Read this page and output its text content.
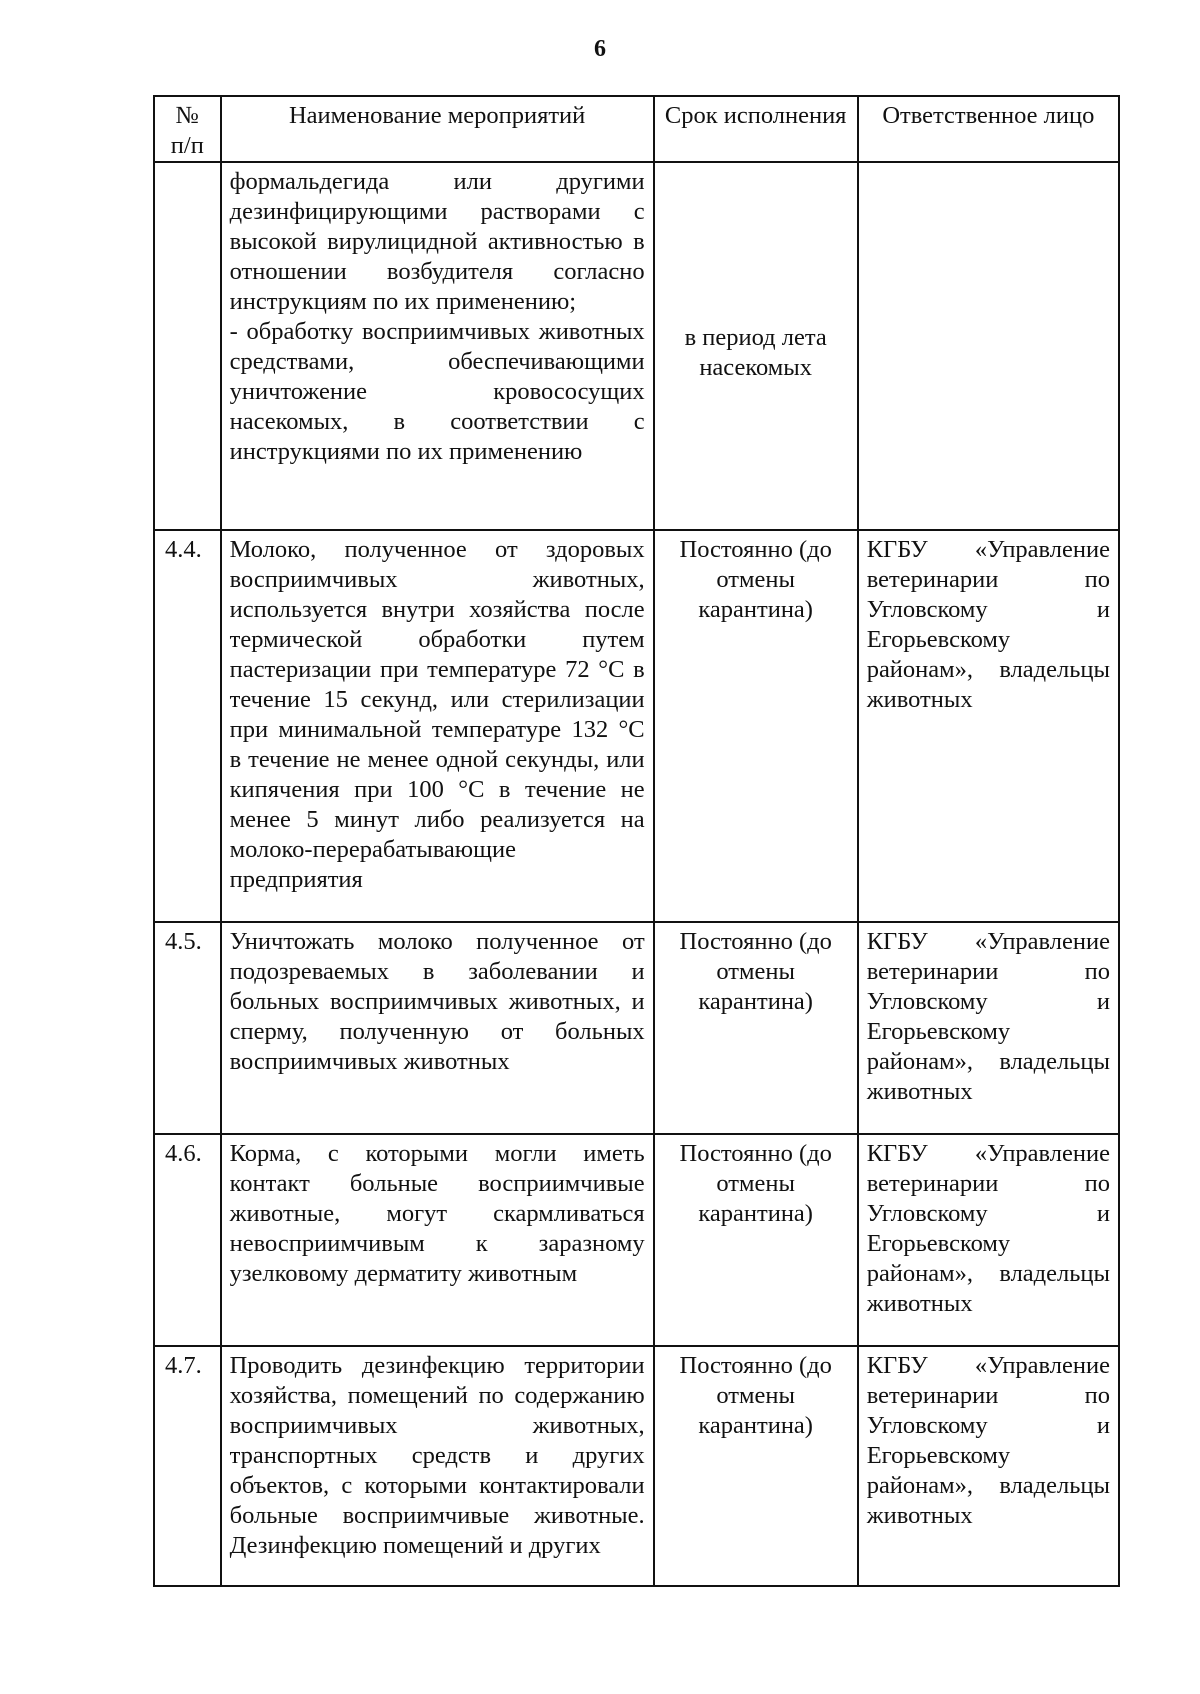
6
№ п/п	Наименование мероприятий	Срок исполнения	Ответственное лицо

	формальдегида или другими дезинфицирующими растворами с высокой вирулицидной активностью в отношении возбудителя согласно инструкциям по их применению;
- обработку восприимчивых животных средствами, обеспечивающими уничтожение кровососущих насекомых, в соответствии с инструкциями по их применению	в период лета насекомых	
4.4.	Молоко, полученное от здоровых восприимчивых животных, используется внутри хозяйства после термической обработки путем пастеризации при температуре 72 °С в течение 15 секунд, или стерилизации при минимальной температуре 132 °С в течение не менее одной секунды, или кипячения при 100 °С в течение не менее 5 минут либо реализуется на молоко-перерабатывающие предприятия	Постоянно (до отмены карантина)	КГБУ «Управление ветеринарии по Угловскому и Егорьевскому районам», владельцы животных
4.5.	Уничтожать молоко полученное от подозреваемых в заболевании и больных восприимчивых животных, и сперму, полученную от больных восприимчивых животных	Постоянно (до отмены карантина)	КГБУ «Управление ветеринарии по Угловскому и Егорьевскому районам», владельцы животных
4.6.	Корма, с которыми могли иметь контакт больные восприимчивые животные, могут скармливаться невосприимчивым к заразному узелковому дерматиту животным	Постоянно (до отмены карантина)	КГБУ «Управление ветеринарии по Угловскому и Егорьевскому районам», владельцы животных
4.7.	Проводить дезинфекцию территории хозяйства, помещений по содержанию восприимчивых животных, транспортных средств и других объектов, с которыми контактировали больные восприимчивые животные. Дезинфекцию помещений и других	Постоянно (до отмены карантина)	КГБУ «Управление ветеринарии по Угловскому и Егорьевскому районам», владельцы животных
